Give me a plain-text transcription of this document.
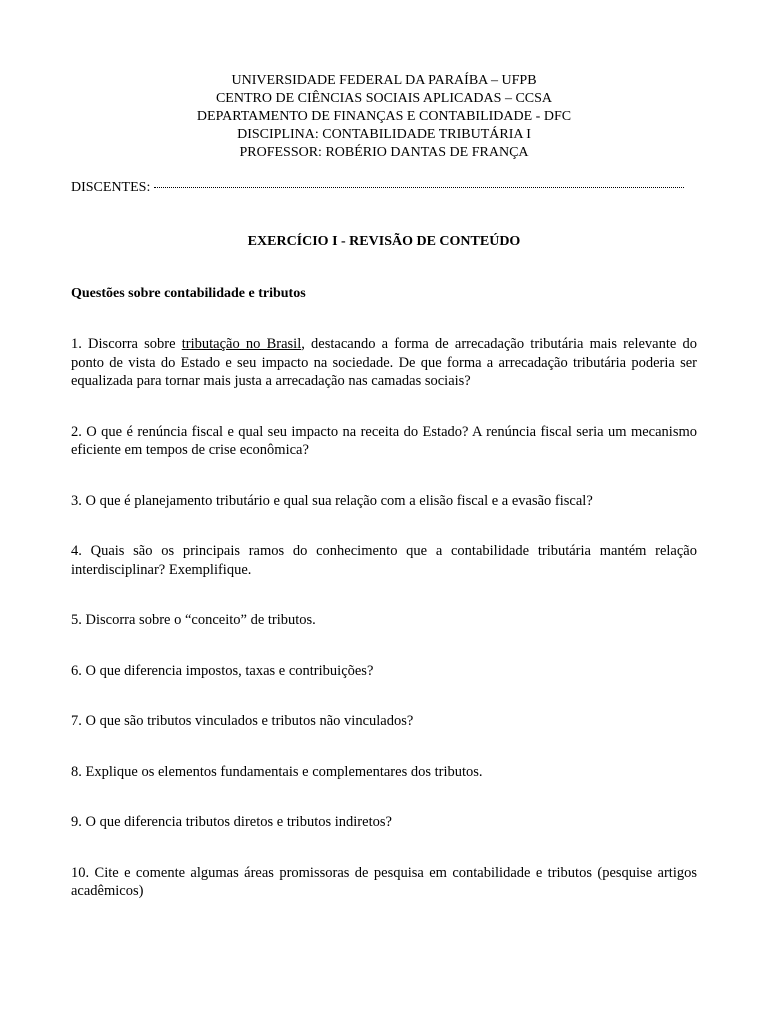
UNIVERSIDADE FEDERAL DA PARAÍBA – UFPB
CENTRO DE CIÊNCIAS SOCIAIS APLICADAS – CCSA
DEPARTAMENTO DE FINANÇAS E CONTABILIDADE - DFC
DISCIPLINA: CONTABILIDADE TRIBUTÁRIA I
PROFESSOR: ROBÉRIO DANTAS DE FRANÇA
DISCENTES:
EXERCÍCIO I - REVISÃO DE CONTEÚDO
Questões sobre contabilidade e tributos
1. Discorra sobre tributação no Brasil, destacando a forma de arrecadação tributária mais relevante do ponto de vista do Estado e seu impacto na sociedade. De que forma a arrecadação tributária poderia ser equalizada para tornar mais justa a arrecadação nas camadas sociais?
2. O que é renúncia fiscal e qual seu impacto na receita do Estado? A renúncia fiscal seria um mecanismo eficiente em tempos de crise econômica?
3. O que é planejamento tributário e qual sua relação com a elisão fiscal e a evasão fiscal?
4. Quais são os principais ramos do conhecimento que a contabilidade tributária mantém relação interdisciplinar? Exemplifique.
5. Discorra sobre o “conceito” de tributos.
6. O que diferencia impostos, taxas e contribuições?
7. O que são tributos vinculados e tributos não vinculados?
8. Explique os elementos fundamentais e complementares dos tributos.
9. O que diferencia tributos diretos e tributos indiretos?
10. Cite e comente algumas áreas promissoras de pesquisa em contabilidade e tributos (pesquise artigos acadêmicos)
